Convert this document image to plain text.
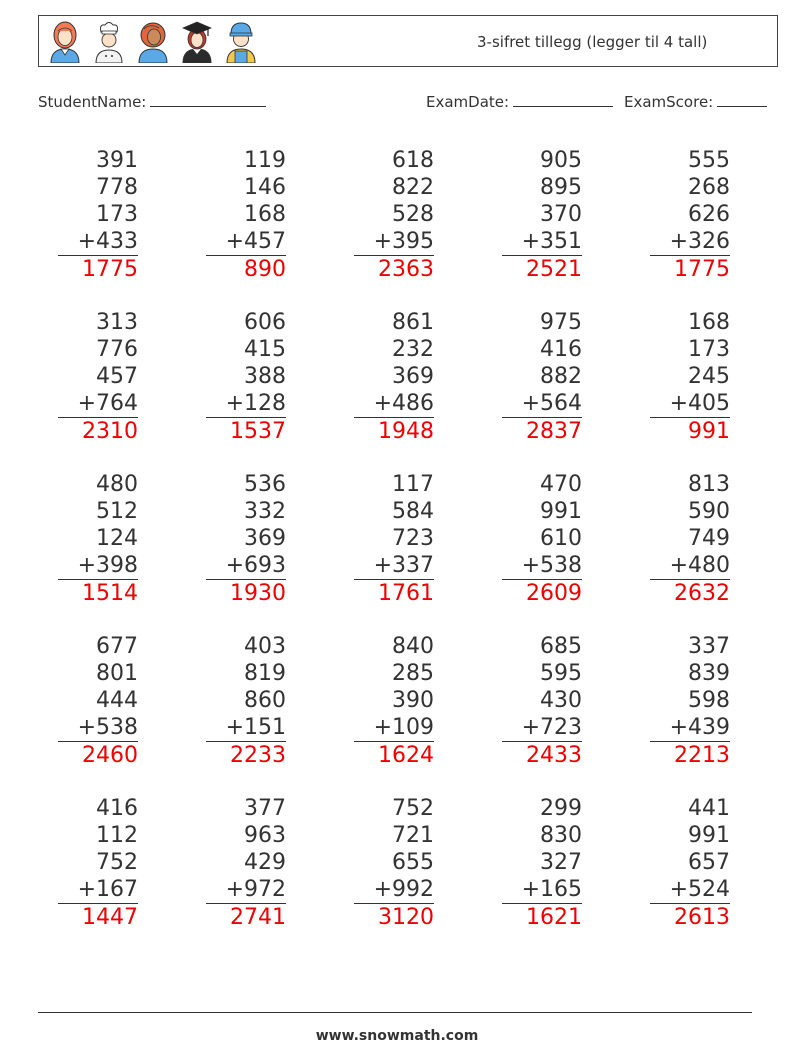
3-sifret tillegg (legger til 4 tall)
StudentName:	ExamDate:	ExamScore:
391
778
173
+433
1775
119
146
168
+457
890
618
822
528
+395
2363
905
895
370
+351
2521
555
268
626
+326
1775
313
776
457
+764
2310
606
415
388
+128
1537
861
232
369
+486
1948
975
416
882
+564
2837
168
173
245
+405
991
480
512
124
+398
1514
536
332
369
+693
1930
117
584
723
+337
1761
470
991
610
+538
2609
813
590
749
+480
2632
677
801
444
+538
2460
403
819
860
+151
2233
840
285
390
+109
1624
685
595
430
+723
2433
337
839
598
+439
2213
416
112
752
+167
1447
377
963
429
+972
2741
752
721
655
+992
3120
299
830
327
+165
1621
441
991
657
+524
2613
www.snowmath.com
